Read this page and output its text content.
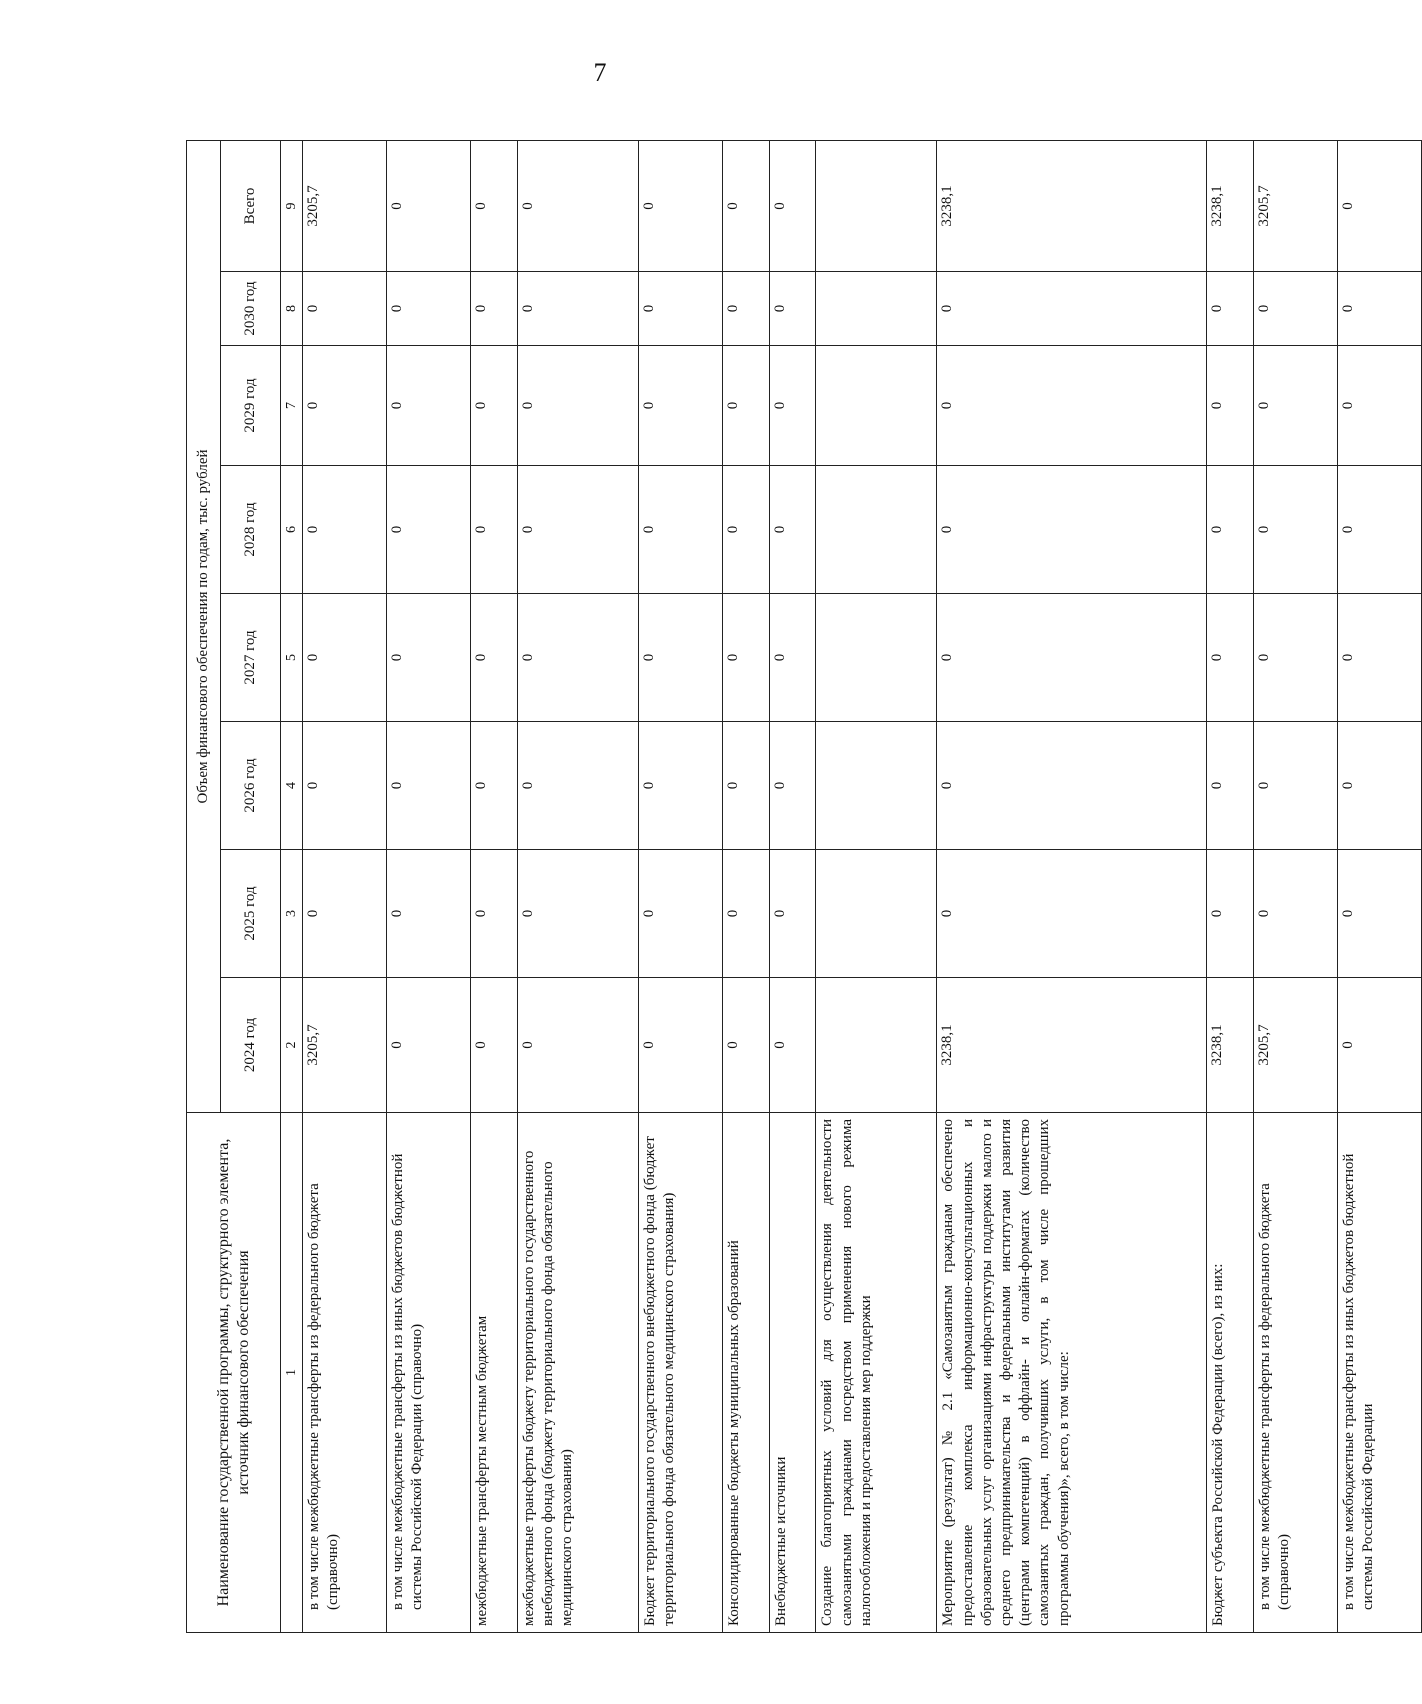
7
Наименование государственной программы, структурного элемента, источник финансового обеспечения	Объем финансового обеспечения по годам, тыс. рублей							
	2024 год	2025 год	2026 год	2027 год	2028 год	2029 год	2030 год	Всего
1	2	3	4	5	6	7	8	9
в том числе межбюджетные трансферты из федерального бюджета (справочно)	3205,7	0	0	0	0	0	0	3205,7
в том числе межбюджетные трансферты из иных бюджетов бюджетной системы Российской Федерации (справочно)	0	0	0	0	0	0	0	0
межбюджетные трансферты местным бюджетам	0	0	0	0	0	0	0	0
межбюджетные трансферты бюджету территориального государственного внебюджетного фонда (бюджету территориального фонда обязательного медицинского страхования)	0	0	0	0	0	0	0	0
Бюджет территориального государственного внебюджетного фонда (бюджет территориального фонда обязательного медицинского страхования)	0	0	0	0	0	0	0	0
Консолидированные бюджеты муниципальных образований	0	0	0	0	0	0	0	0
Внебюджетные источники	0	0	0	0	0	0	0	0
Создание благоприятных условий для осуществления деятельности самозанятыми гражданами посредством применения нового режима налогообложения и предоставления мер поддержки								
Мероприятие (результат) № 2.1 «Самозанятым гражданам обеспечено предоставление комплекса информационно-консультационных и образовательных услуг организациями инфраструктуры поддержки малого и среднего предпринимательства и федеральными институтами развития (центрами компетенций) в оффлайн- и онлайн-форматах (количество самозанятых граждан, получивших услуги, в том числе прошедших программы обучения)», всего, в том числе:	3238,1	0	0	0	0	0	0	3238,1
Бюджет субъекта Российской Федерации (всего), из них:	3238,1	0	0	0	0	0	0	3238,1
в том числе межбюджетные трансферты из федерального бюджета (справочно)	3205,7	0	0	0	0	0	0	3205,7
в том числе межбюджетные трансферты из иных бюджетов бюджетной системы Российской Федерации	0	0	0	0	0	0	0	0
